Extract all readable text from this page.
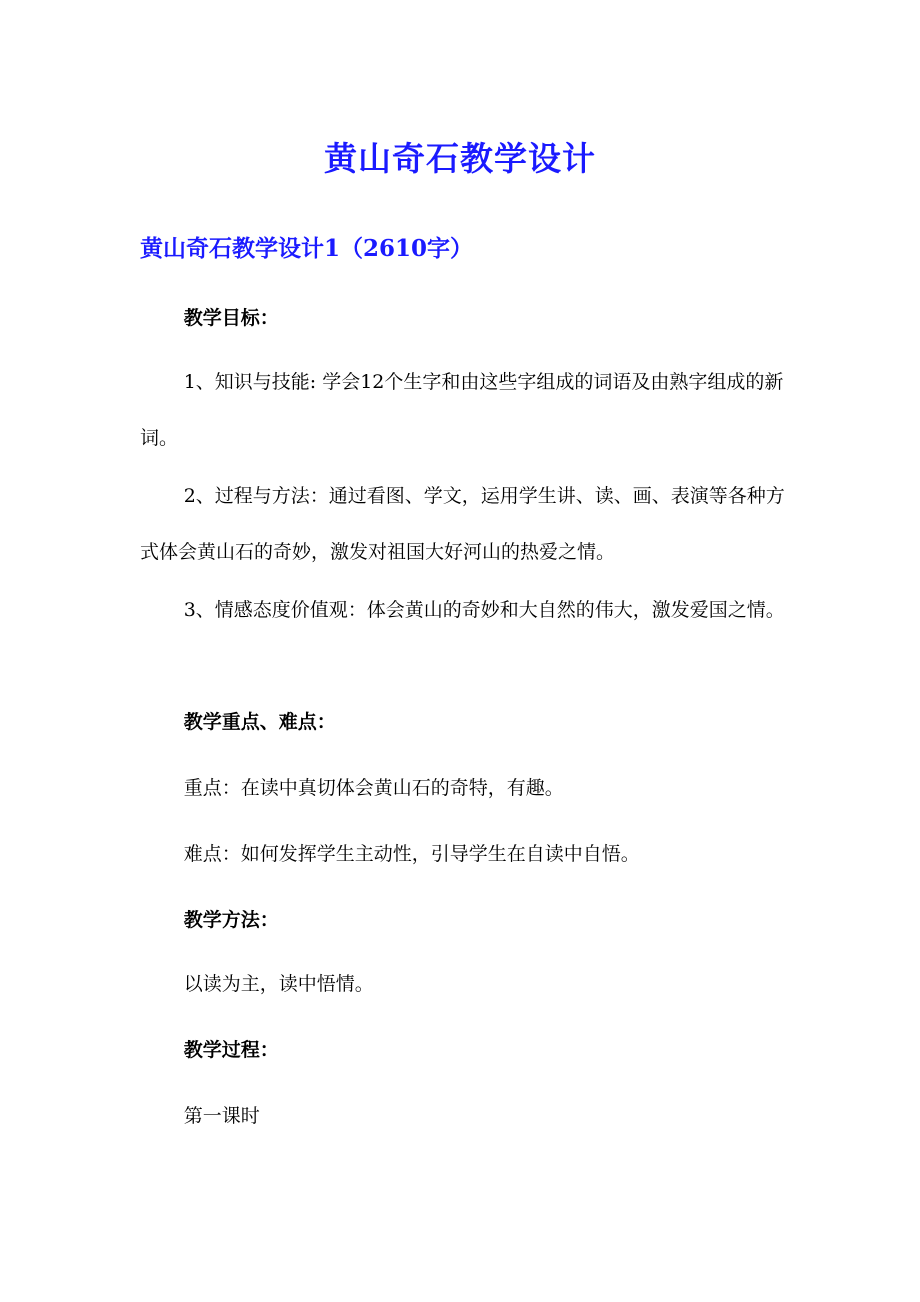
黄山奇石教学设计
黄山奇石教学设计1（2610字）

教学目标：

1、知识与技能: 学会12个生字和由这些字组成的词语及由熟字组成的新词。

2、过程与方法：通过看图、学文，运用学生讲、读、画、表演等各种方式体会黄山石的奇妙，激发对祖国大好河山的热爱之情。

3、情感态度价值观：体会黄山的奇妙和大自然的伟大，激发爱国之情。

教学重点、难点：

重点：在读中真切体会黄山石的奇特，有趣。

难点：如何发挥学生主动性，引导学生在自读中自悟。

教学方法：

以读为主，读中悟情。

教学过程：

第一课时
